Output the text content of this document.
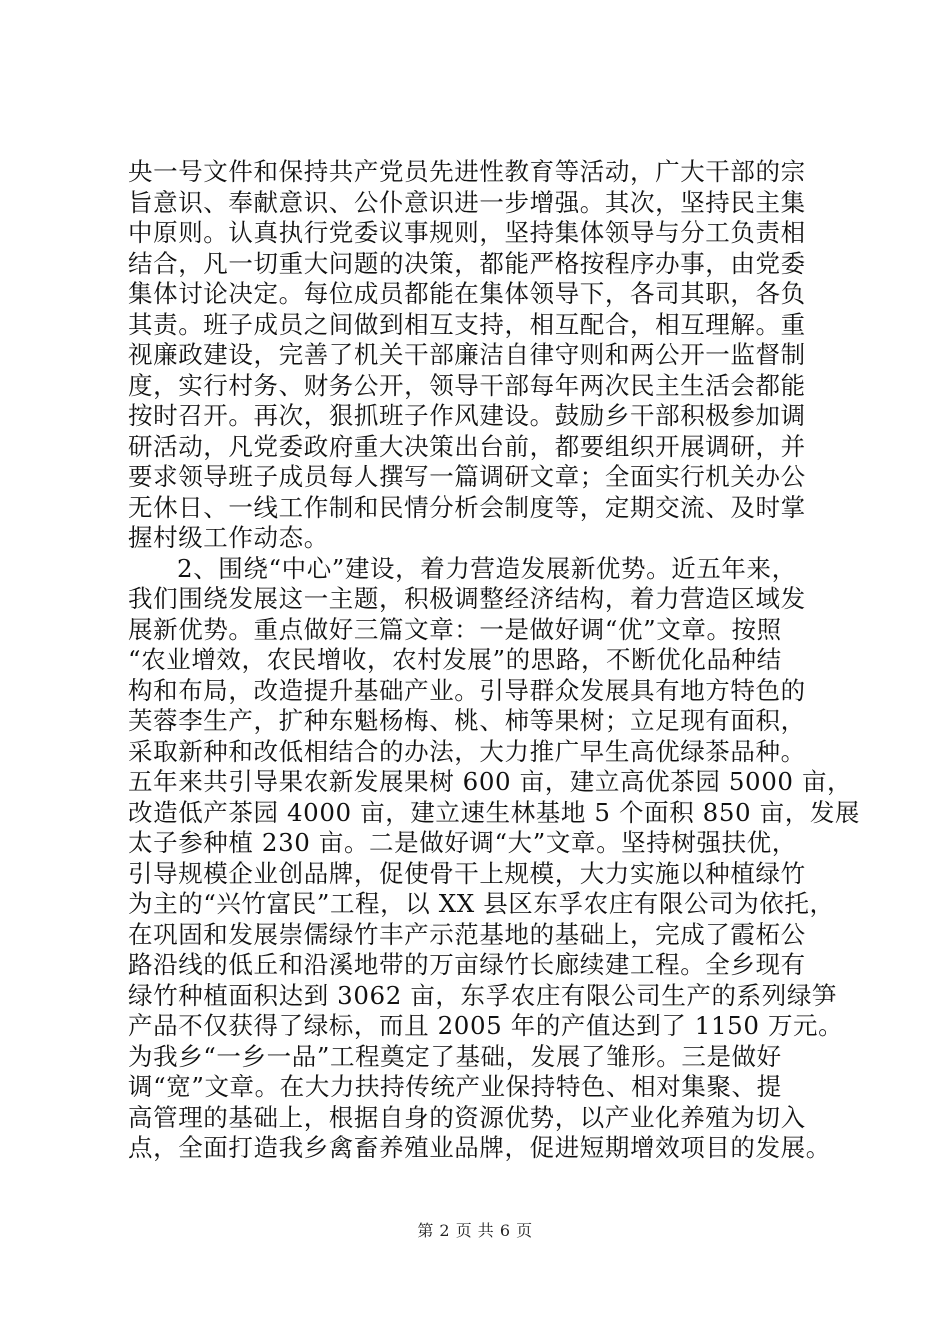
央一号文件和保持共产党员先进性教育等活动，广大干部的宗
旨意识、奉献意识、公仆意识进一步增强。其次，坚持民主集
中原则。认真执行党委议事规则，坚持集体领导与分工负责相
结合，凡一切重大问题的决策，都能严格按程序办事，由党委
集体讨论决定。每位成员都能在集体领导下，各司其职，各负
其责。班子成员之间做到相互支持，相互配合，相互理解。重
视廉政建设，完善了机关干部廉洁自律守则和两公开一监督制
度，实行村务、财务公开，领导干部每年两次民主生活会都能
按时召开。再次，狠抓班子作风建设。鼓励乡干部积极参加调
研活动，凡党委政府重大决策出台前，都要组织开展调研，并
要求领导班子成员每人撰写一篇调研文章；全面实行机关办公
无休日、一线工作制和民情分析会制度等，定期交流、及时掌
握村级工作动态。
2、围绕“中心”建设，着力营造发展新优势。近五年来，
我们围绕发展这一主题，积极调整经济结构，着力营造区域发
展新优势。重点做好三篇文章：一是做好调“优”文章。按照
“农业增效，农民增收，农村发展”的思路，不断优化品种结
构和布局，改造提升基础产业。引导群众发展具有地方特色的
芙蓉李生产，扩种东魁杨梅、桃、柿等果树；立足现有面积，
采取新种和改低相结合的办法，大力推广早生高优绿茶品种。
五年来共引导果农新发展果树 600 亩，建立高优茶园 5000 亩，
改造低产茶园 4000 亩，建立速生林基地 5 个面积 850 亩，发展
太子参种植 230 亩。二是做好调“大”文章。坚持树强扶优，
引导规模企业创品牌，促使骨干上规模，大力实施以种植绿竹
为主的“兴竹富民”工程，以 XX 县区东孚农庄有限公司为依托，
在巩固和发展崇儒绿竹丰产示范基地的基础上，完成了霞柘公
路沿线的低丘和沿溪地带的万亩绿竹长廊续建工程。全乡现有
绿竹种植面积达到 3062 亩，东孚农庄有限公司生产的系列绿笋
产品不仅获得了绿标，而且 2005 年的产值达到了 1150 万元。
为我乡“一乡一品”工程奠定了基础，发展了雏形。三是做好
调“宽”文章。在大力扶持传统产业保持特色、相对集聚、提
高管理的基础上，根据自身的资源优势，以产业化养殖为切入
点，全面打造我乡禽畜养殖业品牌，促进短期增效项目的发展。
第 2 页 共 6 页
